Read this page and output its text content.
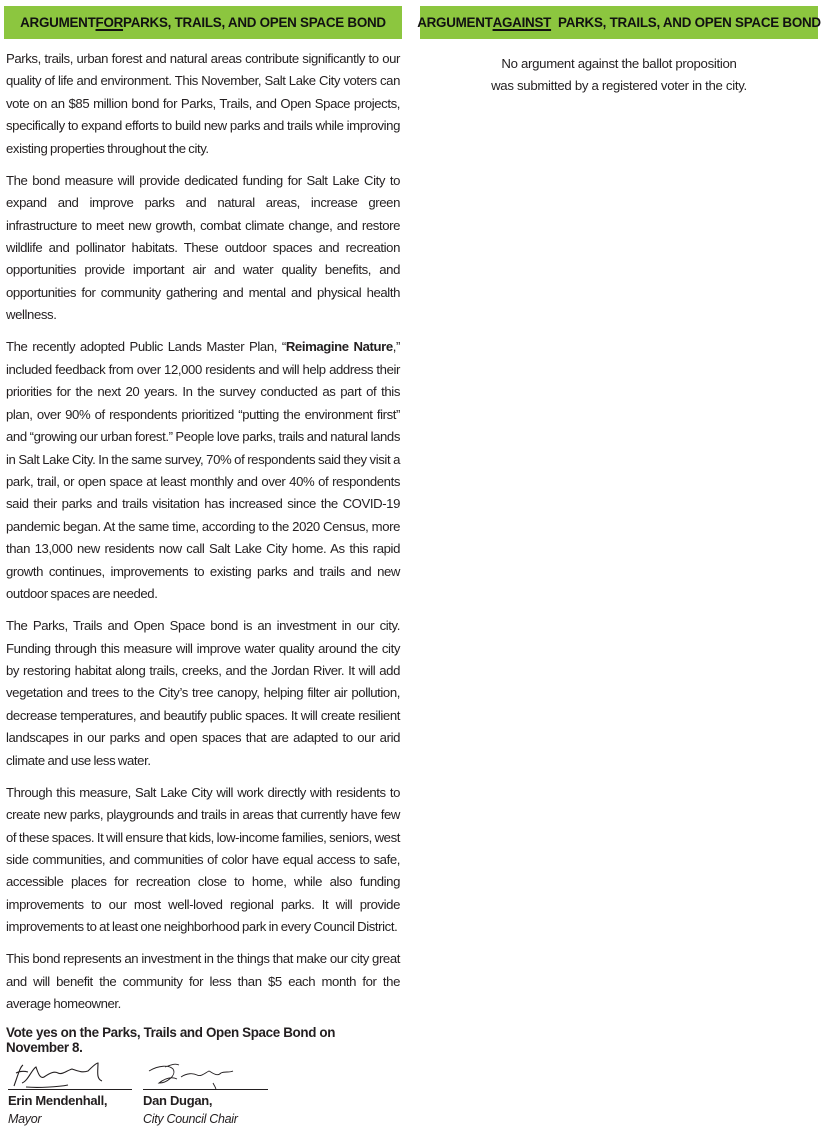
ARGUMENT FOR PARKS, TRAILS, AND OPEN SPACE BOND

Parks, trails, urban forest and natural areas contribute significantly to our quality of life and environment. This November, Salt Lake City voters can vote on an $85 million bond for Parks, Trails, and Open Space projects, specifically to expand efforts to build new parks and trails while improving existing properties throughout the city.

The bond measure will provide dedicated funding for Salt Lake City to expand and improve parks and natural areas, increase green infrastructure to meet new growth, combat climate change, and restore wildlife and pollinator habitats. These outdoor spaces and recreation opportunities provide important air and water quality benefits, and opportunities for community gathering and mental and physical health wellness.

The recently adopted Public Lands Master Plan, “Reimagine Nature,” included feedback from over 12,000 residents and will help address their priorities for the next 20 years. In the survey conducted as part of this plan, over 90% of respondents prioritized “putting the environment first” and “growing our urban forest.” People love parks, trails and natural lands in Salt Lake City. In the same survey, 70% of respondents said they visit a park, trail, or open space at least monthly and over 40% of respondents said their parks and trails visitation has increased since the COVID-19 pandemic began. At the same time, according to the 2020 Census, more than 13,000 new residents now call Salt Lake City home. As this rapid growth continues, improvements to existing parks and trails and new outdoor spaces are needed.

The Parks, Trails and Open Space bond is an investment in our city. Funding through this measure will improve water quality around the city by restoring habitat along trails, creeks, and the Jordan River. It will add vegetation and trees to the City’s tree canopy, helping filter air pollution, decrease temperatures, and beautify public spaces. It will create resilient landscapes in our parks and open spaces that are adapted to our arid climate and use less water.

Through this measure, Salt Lake City will work directly with residents to create new parks, playgrounds and trails in areas that currently have few of these spaces. It will ensure that kids, low-income families, seniors, west side communities, and communities of color have equal access to safe, accessible places for recreation close to home, while also funding improvements to our most well-loved regional parks. It will provide improvements to at least one neighborhood park in every Council District.

This bond represents an investment in the things that make our city great and will benefit the community for less than $5 each month for the average homeowner.

Vote yes on the Parks, Trails and Open Space Bond on November 8.

Erin Mendenhall,
Mayor
Dan Dugan,
City Council Chair
ARGUMENT AGAINST PARKS, TRAILS, AND OPEN SPACE BOND
No argument against the ballot proposition
was submitted by a registered voter in the city.
